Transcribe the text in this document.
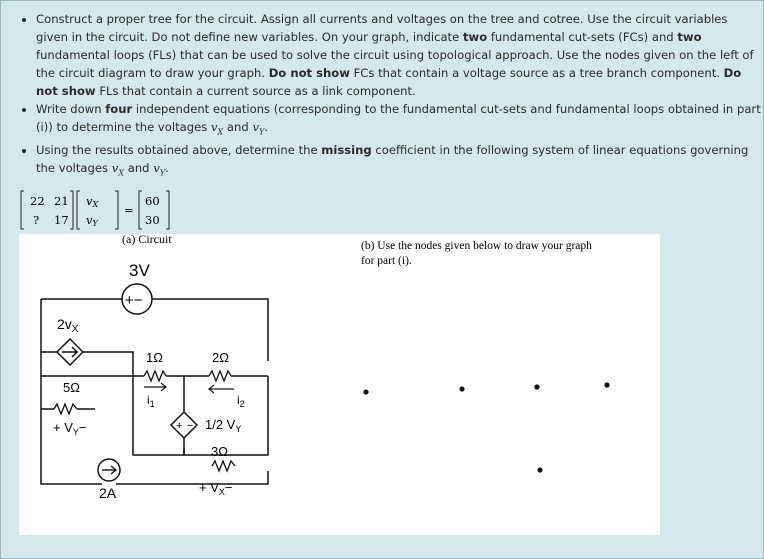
• Construct a proper tree for the circuit. Assign all currents and voltages on the tree and cotree. Use the circuit variables given in the circuit. Do not define new variables. On your graph, indicate two fundamental cut-sets (FCs) and two fundamental loops (FLs) that can be used to solve the circuit using topological approach. Use the nodes given on the left of the circuit diagram to draw your graph. Do not show FCs that contain a voltage source as a tree branch component. Do not show FLs that contain a current source as a link component.
• Write down four independent equations (corresponding to the fundamental cut-sets and fundamental loops obtained in part (i)) to determine the voltages $v_X$ and $v_Y$.
• Using the results obtained above, determine the missing coefficient in the following system of linear equations governing the voltages $v_X$ and $v_Y$.
22 21
? 17
vX
vY
=
60
30
(a) Circuit
3V
+−
$2v_X$
5Ω
+ $V_Y-$
1Ω
$i_1$
2Ω
$i_2$
+ − 1/2 $V_Y$
3Ω
+ $V_X-$
2A
(b) Use the nodes given below to draw your graph
for part (i).
